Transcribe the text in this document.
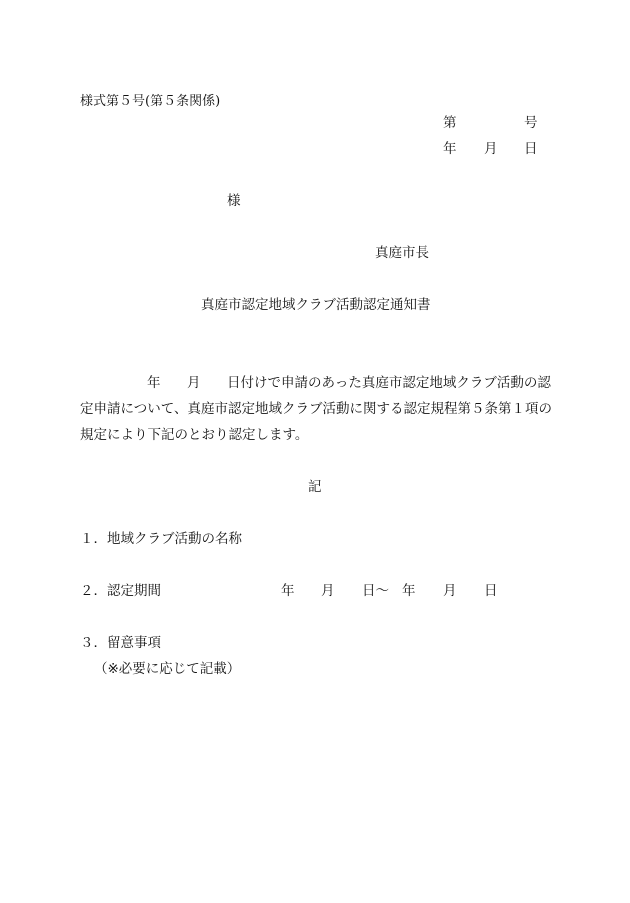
様式第５号(第５条関係)
第	号
年 月 日
様
真庭市長
真庭市認定地域クラブ活動認定通知書
年 月 日付けで申請のあった真庭市認定地域クラブ活動の認
定申請について、真庭市認定地域クラブ活動に関する認定規程第５条第１項の
規定により下記のとおり認定します。
記
１．地域クラブ活動の名称
２．認定期間	年 月 日〜 年 月 日
３．留意事項
（※必要に応じて記載）
